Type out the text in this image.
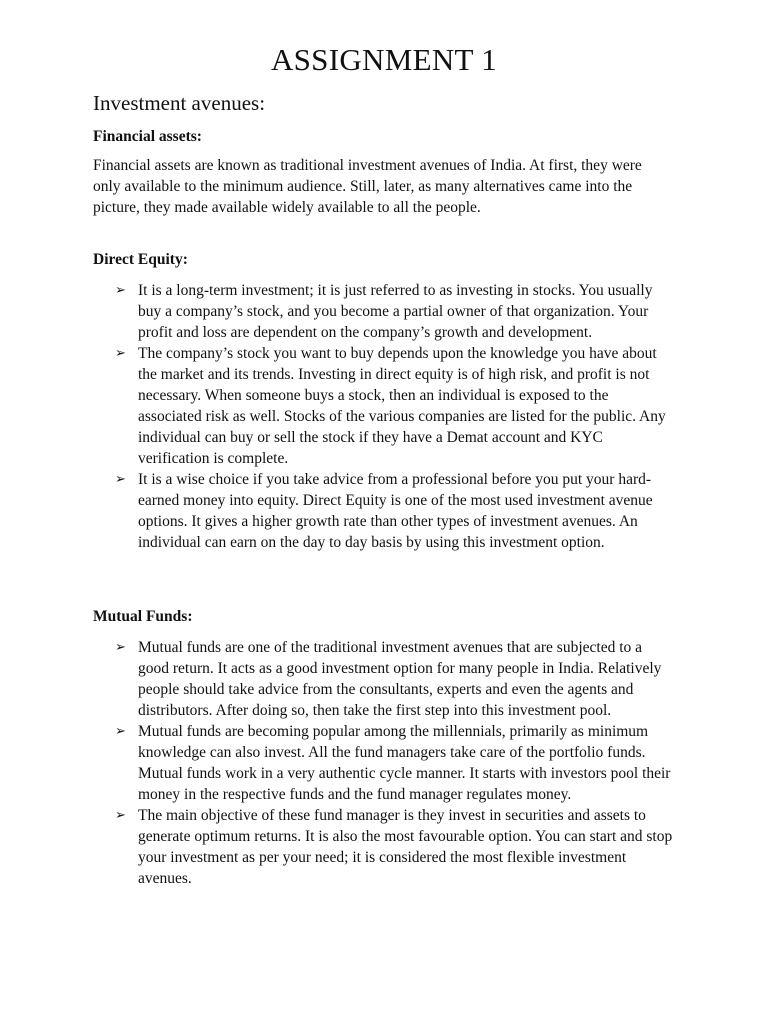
ASSIGNMENT 1
Investment avenues:
Financial assets:

Financial assets are known as traditional investment avenues of India. At first, they were only available to the minimum audience. Still, later, as many alternatives came into the picture, they made available widely available to all the people.

Direct Equity:
➢ It is a long-term investment; it is just referred to as investing in stocks. You usually buy a company’s stock, and you become a partial owner of that organization. Your profit and loss are dependent on the company’s growth and development.
➢ The company’s stock you want to buy depends upon the knowledge you have about the market and its trends. Investing in direct equity is of high risk, and profit is not necessary. When someone buys a stock, then an individual is exposed to the associated risk as well. Stocks of the various companies are listed for the public. Any individual can buy or sell the stock if they have a Demat account and KYC verification is complete.
➢ It is a wise choice if you take advice from a professional before you put your hard-earned money into equity. Direct Equity is one of the most used investment avenue options. It gives a higher growth rate than other types of investment avenues. An individual can earn on the day to day basis by using this investment option.
Mutual Funds:
➢ Mutual funds are one of the traditional investment avenues that are subjected to a good return. It acts as a good investment option for many people in India. Relatively people should take advice from the consultants, experts and even the agents and distributors. After doing so, then take the first step into this investment pool.
➢ Mutual funds are becoming popular among the millennials, primarily as minimum knowledge can also invest. All the fund managers take care of the portfolio funds. Mutual funds work in a very authentic cycle manner. It starts with investors pool their money in the respective funds and the fund manager regulates money.
➢ The main objective of these fund manager is they invest in securities and assets to generate optimum returns. It is also the most favourable option. You can start and stop your investment as per your need; it is considered the most flexible investment avenues.
